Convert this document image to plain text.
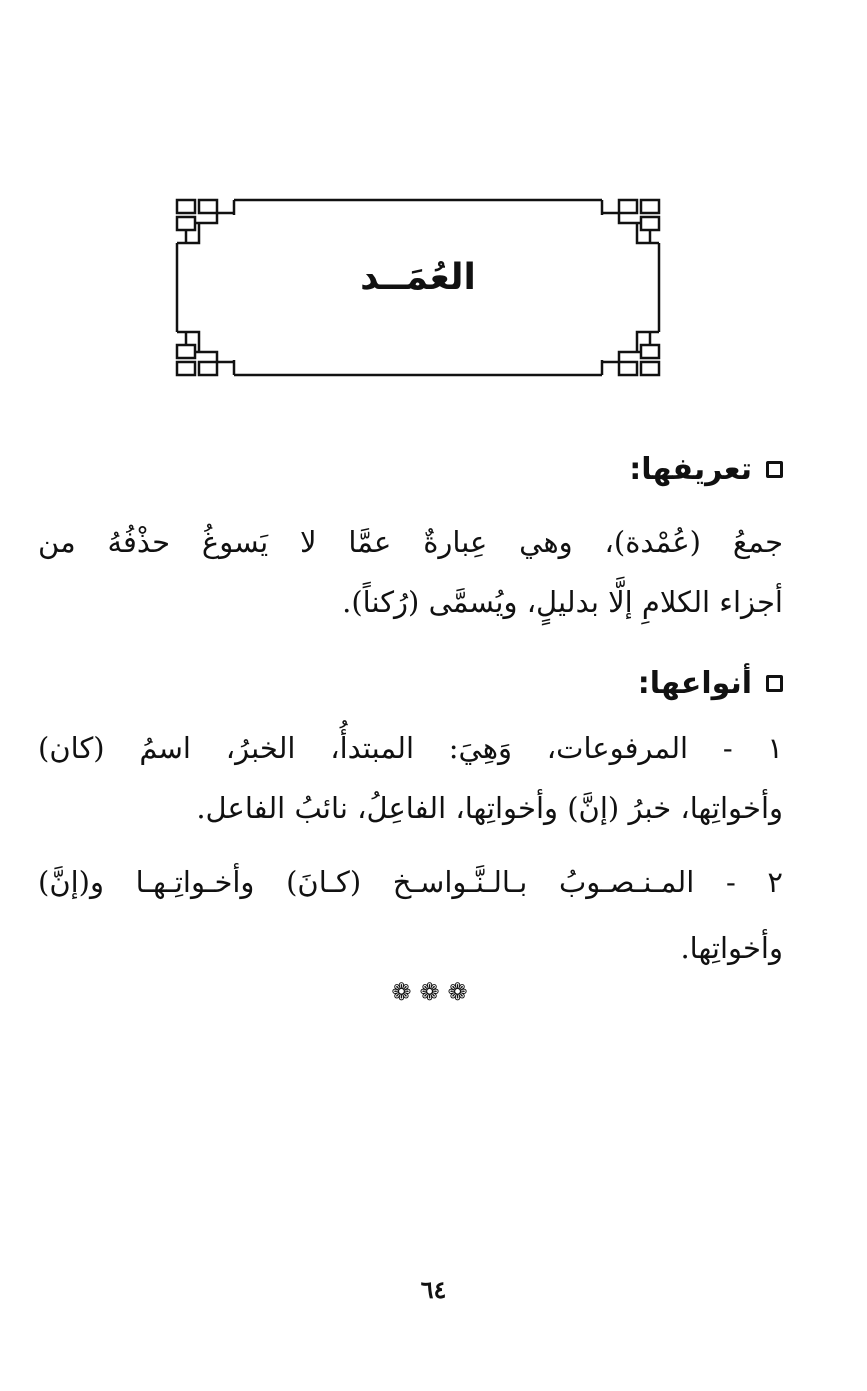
العُمَــد
تعريفها:
جمعُ (عُمْدة)، وهي عِبارةٌ عمَّا لا يَسوغُ حذْفُهُ من
أجزاء الكلامِ إلَّا بدليلٍ، ويُسمَّى (رُكناً).
أنواعها:
١ - المرفوعات، وَهِيَ: المبتدأُ، الخبرُ، اسمُ (كان)
وأخواتِها، خبرُ (إنَّ) وأخواتِها، الفاعِلُ، نائبُ الفاعل.
٢ - المـنـصـوبُ بـالـنَّـواسـخ (كـانَ) وأخـواتِـهـا و(إنَّ)
وأخواتِها.
❁❁❁
٦٤
